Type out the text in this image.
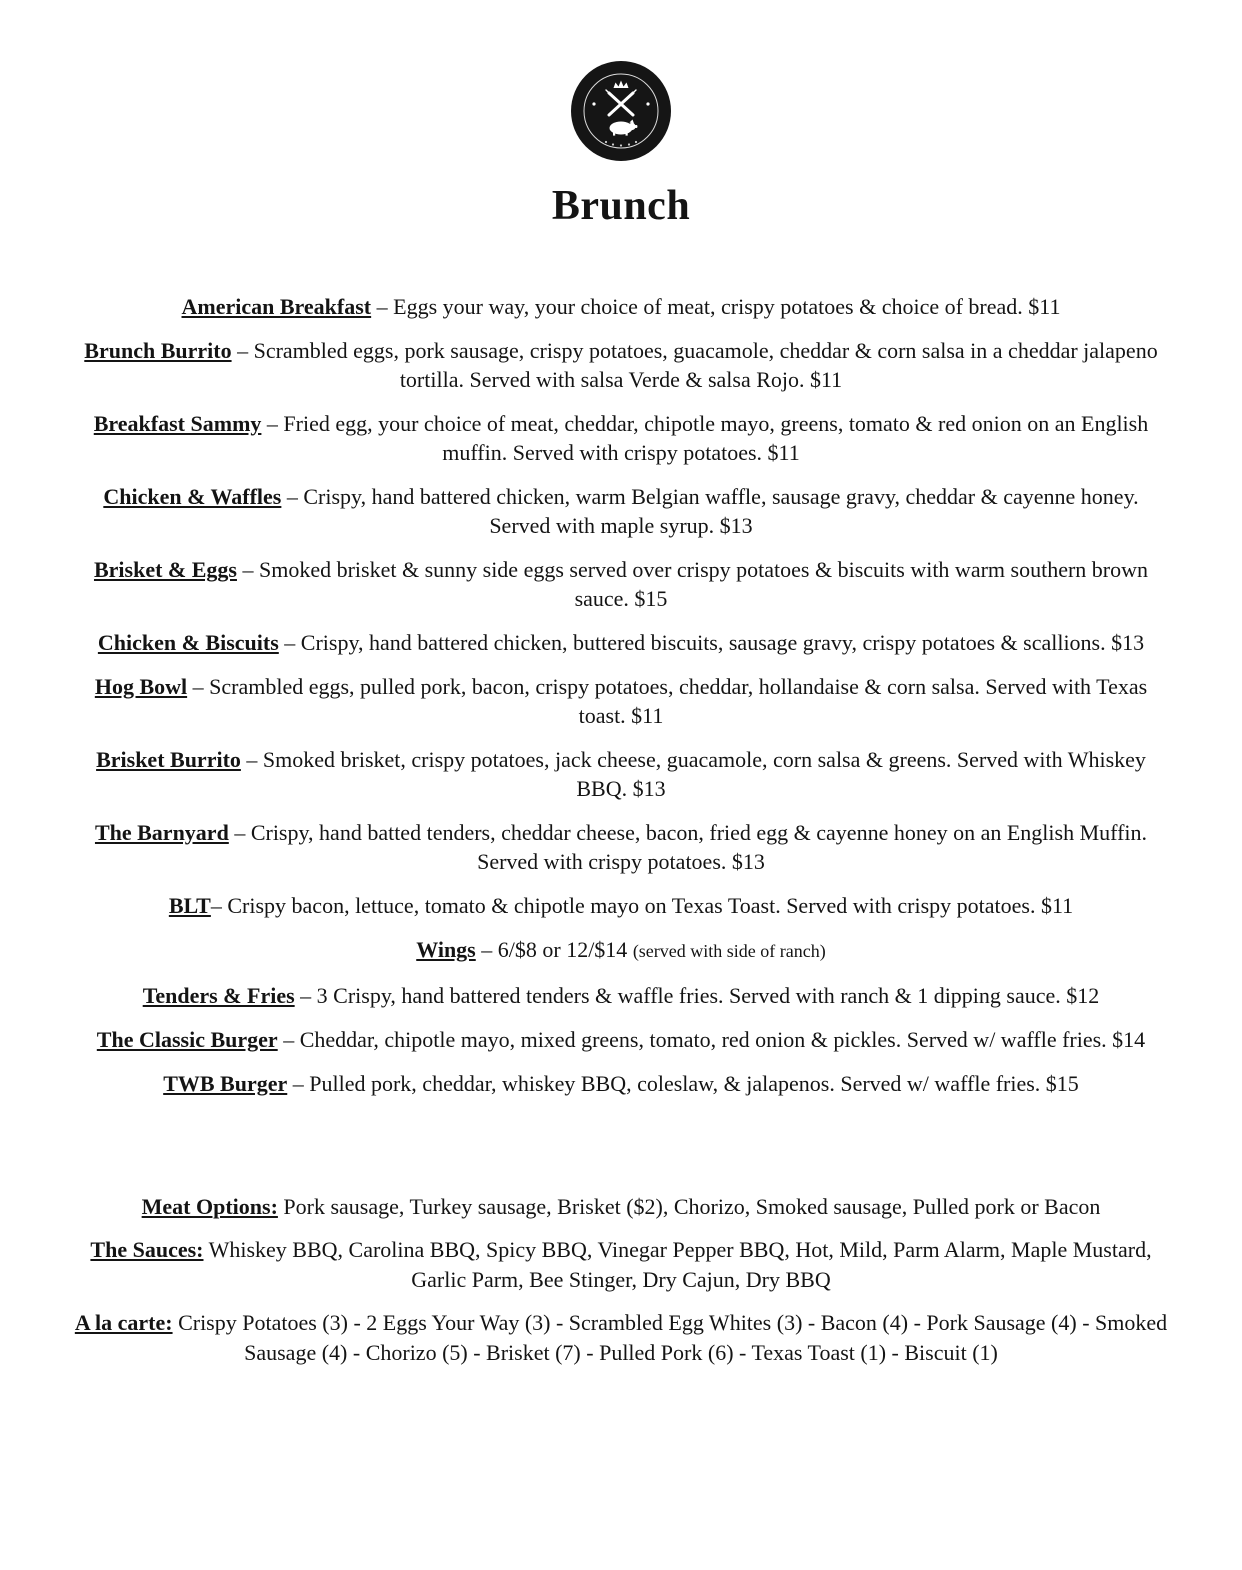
Brunch

American Breakfast – Eggs your way, your choice of meat, crispy potatoes & choice of bread. $11

Brunch Burrito – Scrambled eggs, pork sausage, crispy potatoes, guacamole, cheddar & corn salsa in a cheddar jalapeno tortilla. Served with salsa Verde & salsa Rojo. $11

Breakfast Sammy – Fried egg, your choice of meat, cheddar, chipotle mayo, greens, tomato & red onion on an English muffin. Served with crispy potatoes. $11

Chicken & Waffles – Crispy, hand battered chicken, warm Belgian waffle, sausage gravy, cheddar & cayenne honey. Served with maple syrup. $13

Brisket & Eggs – Smoked brisket & sunny side eggs served over crispy potatoes & biscuits with warm southern brown sauce. $15

Chicken & Biscuits – Crispy, hand battered chicken, buttered biscuits, sausage gravy, crispy potatoes & scallions. $13

Hog Bowl – Scrambled eggs, pulled pork, bacon, crispy potatoes, cheddar, hollandaise & corn salsa. Served with Texas toast. $11

Brisket Burrito – Smoked brisket, crispy potatoes, jack cheese, guacamole, corn salsa & greens. Served with Whiskey BBQ. $13

The Barnyard – Crispy, hand batted tenders, cheddar cheese, bacon, fried egg & cayenne honey on an English Muffin. Served with crispy potatoes. $13

BLT– Crispy bacon, lettuce, tomato & chipotle mayo on Texas Toast. Served with crispy potatoes. $11

Wings – 6/$8 or 12/$14 (served with side of ranch)

Tenders & Fries – 3 Crispy, hand battered tenders & waffle fries. Served with ranch & 1 dipping sauce. $12

The Classic Burger – Cheddar, chipotle mayo, mixed greens, tomato, red onion & pickles. Served w/ waffle fries. $14

TWB Burger – Pulled pork, cheddar, whiskey BBQ, coleslaw, & jalapenos. Served w/ waffle fries. $15

Meat Options: Pork sausage, Turkey sausage, Brisket ($2), Chorizo, Smoked sausage, Pulled pork or Bacon

The Sauces: Whiskey BBQ, Carolina BBQ, Spicy BBQ, Vinegar Pepper BBQ, Hot, Mild, Parm Alarm, Maple Mustard, Garlic Parm, Bee Stinger, Dry Cajun, Dry BBQ

A la carte: Crispy Potatoes (3) - 2 Eggs Your Way (3) - Scrambled Egg Whites (3) - Bacon (4) - Pork Sausage (4) - Smoked Sausage (4) - Chorizo (5) - Brisket (7) - Pulled Pork (6) - Texas Toast (1) - Biscuit (1)
